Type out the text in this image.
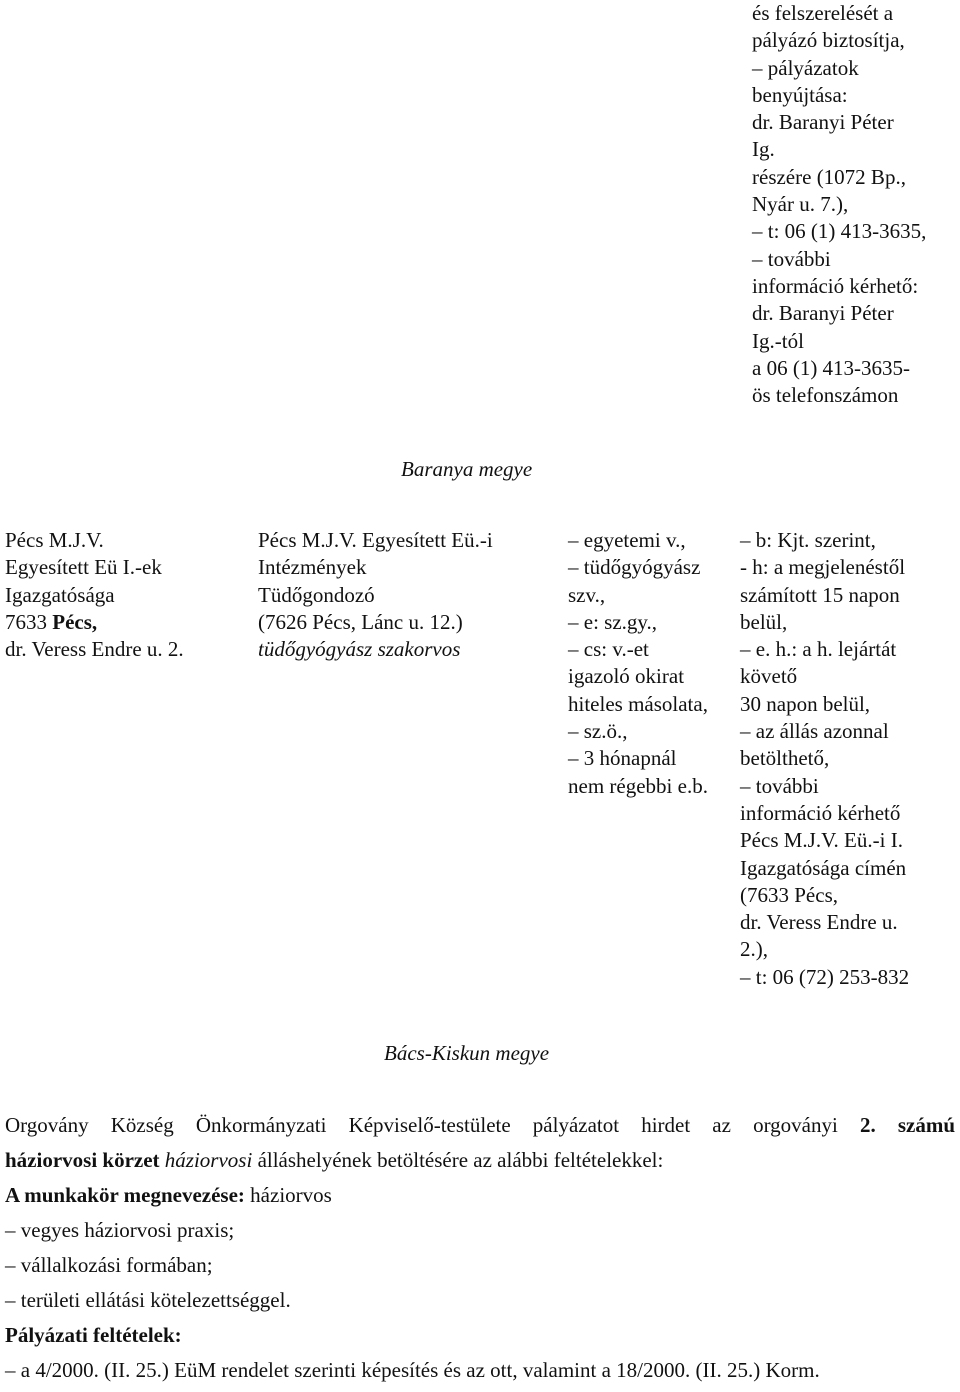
és felszerelését a
pályázó biztosítja,
– pályázatok
benyújtása:
dr. Baranyi Péter
Ig.
részére (1072 Bp.,
Nyár u. 7.),
– t: 06 (1) 413-3635,
– további
információ kérhető:
dr. Baranyi Péter
Ig.-tól
a 06 (1) 413-3635-
ös telefonszámon
Baranya megye
Pécs M.J.V.
Egyesített Eü I.-ek
Igazgatósága
7633 Pécs,
dr. Veress Endre u. 2.
Pécs M.J.V. Egyesített Eü.-i
Intézmények
Tüdőgondozó
(7626 Pécs, Lánc u. 12.)
tüdőgyógyász szakorvos
– egyetemi v.,
– tüdőgyógyász
szv.,
– e: sz.gy.,
– cs: v.-et
igazoló okirat
hiteles másolata,
– sz.ö.,
– 3 hónapnál
nem régebbi e.b.
– b: Kjt. szerint,
- h: a megjelenéstől
számított 15 napon
belül,
– e. h.: a h. lejártát
követő
30 napon belül,
– az állás azonnal
betölthető,
– további
információ kérhető
Pécs M.J.V. Eü.-i I.
Igazgatósága címén
(7633 Pécs,
dr. Veress Endre u.
2.),
– t: 06 (72) 253-832
Bács-Kiskun megye
Orgovány Község Önkormányzati Képviselő-testülete pályázatot hirdet az orgoványi 2. számú
háziorvosi körzet háziorvosi álláshelyének betöltésére az alábbi feltételekkel:
A munkakör megnevezése: háziorvos
– vegyes háziorvosi praxis;
– vállalkozási formában;
– területi ellátási kötelezettséggel.
Pályázati feltételek:
– a 4/2000. (II. 25.) EüM rendelet szerinti képesítés és az ott, valamint a 18/2000. (II. 25.) Korm.
